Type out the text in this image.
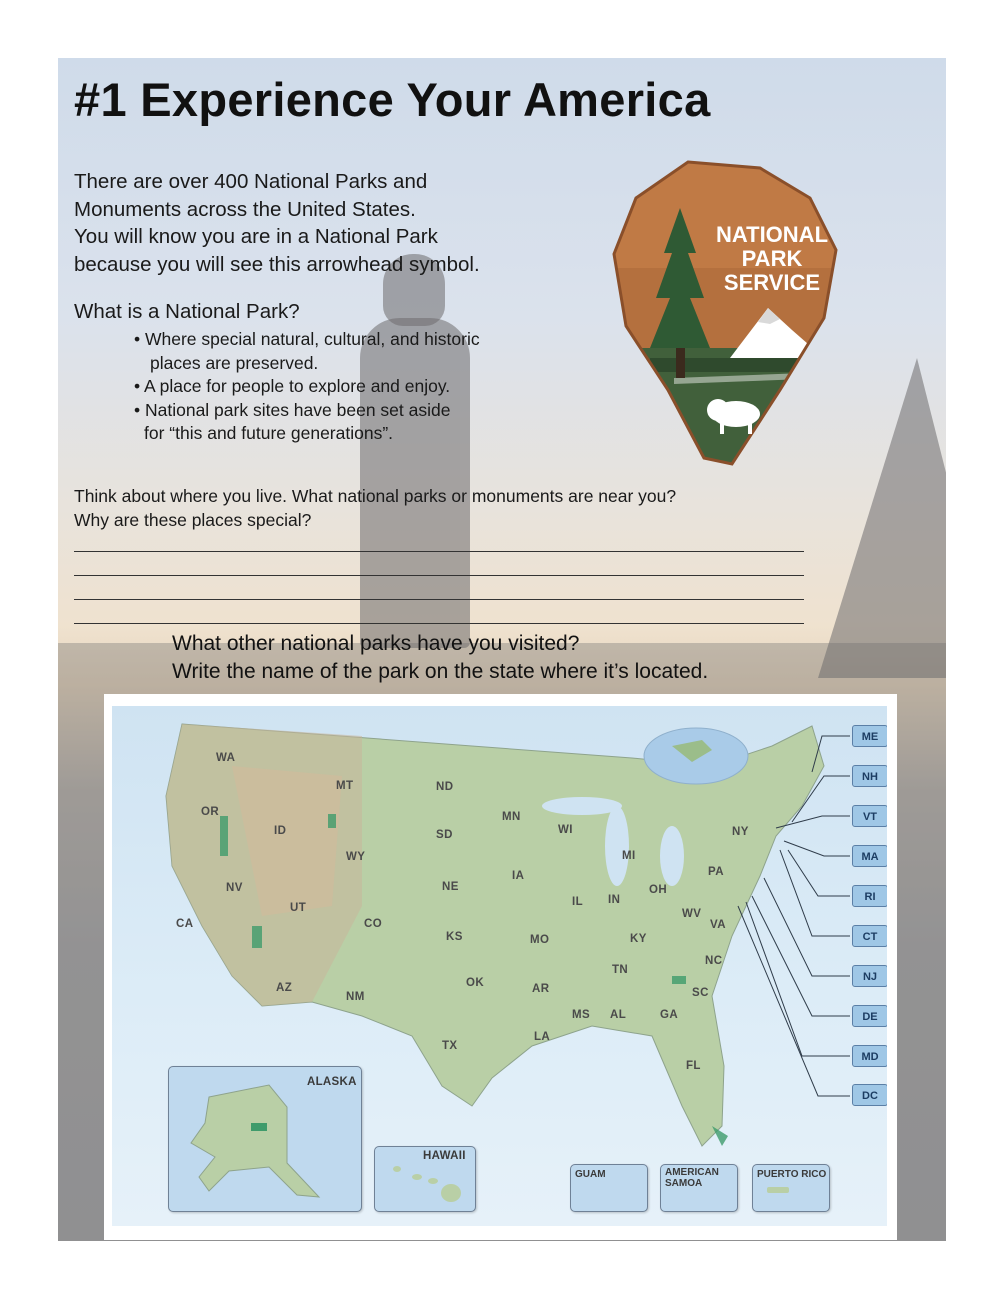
#1 Experience Your America
There are over 400 National Parks and
Monuments across the United States.
You will know you are in a National Park
because you will see this arrowhead symbol.
What is a National Park?
• Where special natural, cultural, and historic
places are preserved.
• A place for people to explore and enjoy.
• National park sites have been set aside
for “this and future generations”.
NATIONAL
PARK
SERVICE
Think about where you live. What national parks or monuments are near you?
Why are these places special?
What other national parks have you visited?
Write the name of the park on the state where it’s located.
WA
OR
CA
ID
NV
MT
WY
UT
AZ
CO
NM
ND
SD
NE
KS
OK
TX
MN
IA
MO
AR
LA
WI
IL
MS
MI
IN
OH
KY
TN
AL	GA
FL
SC
NC
VA
WV
PA
NY
ME
NH
VT
MA
RI
CT
NJ
DE
MD
DC
ALASKA
HAWAII
GUAM	AMERICAN
SAMOA
PUERTO RICO
